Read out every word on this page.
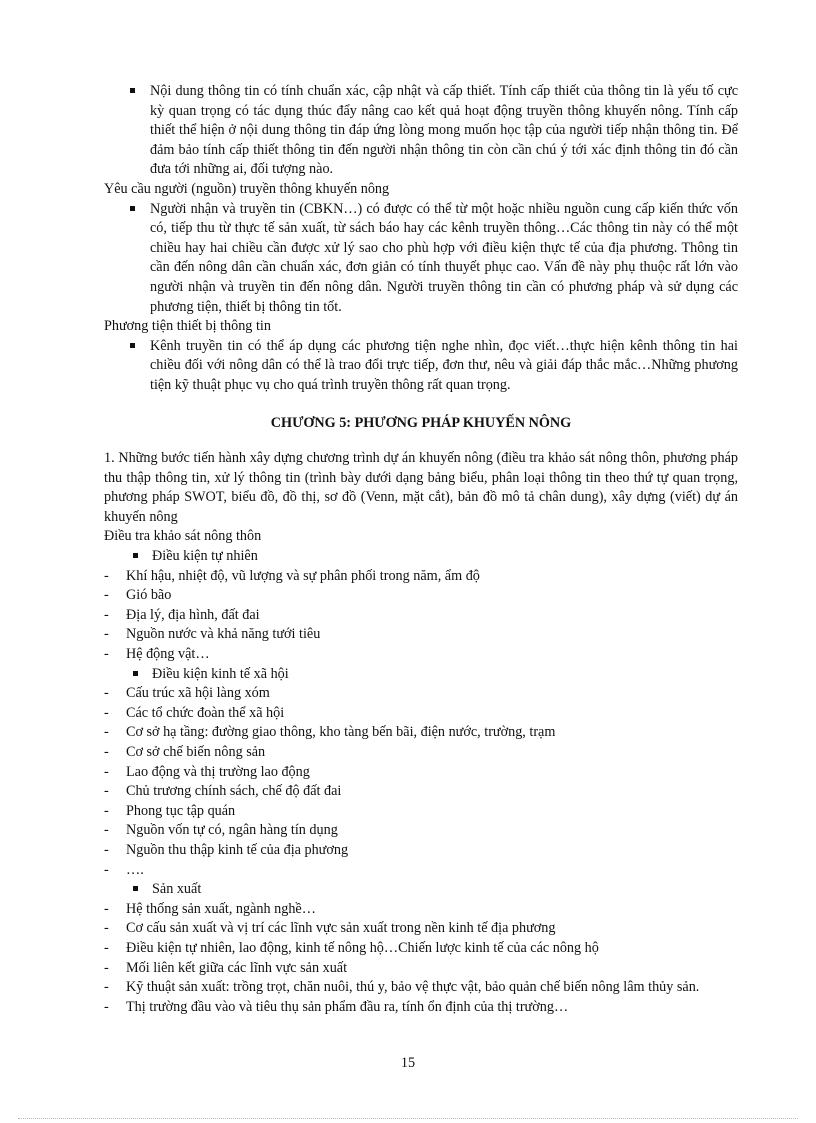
Nội dung thông tin có tính chuẩn xác, cập nhật và cấp thiết. Tính cấp thiết của thông tin là yếu tố cực kỳ quan trọng có tác dụng thúc đẩy nâng cao kết quả hoạt động truyền thông khuyến nông. Tính cấp thiết thể hiện ở nội dung thông tin đáp ứng lòng mong muốn học tập của người tiếp nhận thông tin. Để đảm bảo tính cấp thiết thông tin đến người nhận thông tin còn cần chú ý tới xác định thông tin đó cần đưa tới những ai, đối tượng nào.
Yêu cầu người (nguồn) truyền thông khuyến nông
Người nhận và truyền tin (CBKN…) có được có thể từ một hoặc nhiều nguồn cung cấp kiến thức vốn có, tiếp thu từ thực tế sản xuất, từ sách báo hay các kênh truyền thông…Các thông tin này có thể một chiều hay hai chiều cần được xử lý sao cho phù hợp với điều kiện thực tế của địa phương. Thông tin cần đến nông dân cần chuẩn xác, đơn giản có tính thuyết phục cao. Vấn đề này phụ thuộc rất lớn vào người nhận và truyền tin đến nông dân. Người truyền thông tin cần có phương pháp và sử dụng các phương tiện, thiết bị thông tin tốt.
Phương tiện thiết bị thông tin
Kênh truyền tin có thể áp dụng các phương tiện nghe nhìn, đọc viết…thực hiện kênh thông tin hai chiều đối với nông dân có thể là trao đổi trực tiếp, đơn thư, nêu và giải đáp thắc mắc…Những phương tiện kỹ thuật phục vụ cho quá trình truyền thông rất quan trọng.
CHƯƠNG 5: PHƯƠNG PHÁP KHUYẾN NÔNG
1. Những bước tiến hành xây dựng chương trình dự án khuyến nông (điều tra khảo sát nông thôn, phương pháp thu thập thông tin, xử lý thông tin (trình bày dưới dạng bảng biểu, phân loại thông tin theo thứ tự quan trọng, phương pháp SWOT, biểu đồ, đồ thị, sơ đồ (Venn, mặt cắt), bản đồ mô tả chân dung), xây dựng (viết) dự án khuyến nông
Điều tra khảo sát nông thôn
Điều kiện tự nhiên
- Khí hậu, nhiệt độ, vũ lượng và sự phân phối trong năm, ẩm độ
- Gió bão
- Địa lý, địa hình, đất đai
- Nguồn nước và khả năng tưới tiêu
- Hệ động vật…
Điều kiện kinh tế xã hội
- Cấu trúc xã hội làng xóm
- Các tổ chức đoàn thể xã hội
- Cơ sở hạ tầng: đường giao thông, kho tàng bến bãi, điện nước, trường, trạm
- Cơ sở chế biến nông sản
- Lao động và thị trường lao động
- Chủ trương chính sách, chế độ đất đai
- Phong tục tập quán
- Nguồn vốn tự có, ngân hàng tín dụng
- Nguồn thu thập kinh tế của địa phương
- ….
Sản xuất
- Hệ thống sản xuất, ngành nghề…
- Cơ cấu sản xuất và vị trí các lĩnh vực sản xuất trong nền kinh tế địa phương
- Điều kiện tự nhiên, lao động, kinh tế nông hộ…Chiến lược kinh tế của các nông hộ
- Mối liên kết giữa các lĩnh vực sản xuất
- Kỹ thuật sản xuất: trồng trọt, chăn nuôi, thú y, bảo vệ thực vật, bảo quản chế biến nông lâm thủy sản.
- Thị trường đầu vào và tiêu thụ sản phẩm đầu ra, tính ổn định của thị trường…
15
